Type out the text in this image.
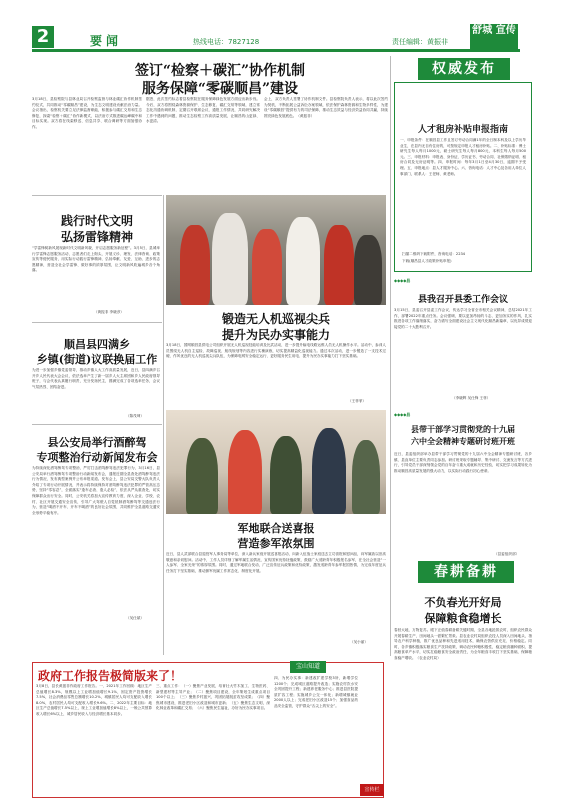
2	要闻	热线电话：7827128	责任编辑：黄振非
舒城 宣传
签订“检察＋碳汇”协作机制
服务保障“零碳顺昌”建设
3月18日，县检察院与县林业局召开检察监督与林业碳汇协作机制签约仪式，共同推动“零碳顺昌”建设，为生态文明建设贡献法治力量。会议指出，检察机关要立足法律监督职能，积极参与碳汇交易和生态修复，探索“检察＋碳汇”协作新模式，以法治方式推进碳达峰碳中和目标实现。双方将在线索移送、信息共享、联合调研等方面加强协作。
据悉，此次签约标志着县检察院在服务保障绿色发展方面迈出新步伐。今后，双方将围绕森林资源保护、生态修复、碳汇交易等领域，建立常态化沟通协调机制，定期召开联席会议，通报工作情况，共同研究解决工作中遇到的问题，推动生态检察工作高质量发展，让顺昌的山更绿、水更清。
会上，双方负责人签署了协作机制文件。县检察院负责人表示，将以此次签约为契机，不断拓展公益诉讼办案领域，依法保护森林资源和生物多样性，为建设“零碳顺昌”提供有力的司法保障，推动生态效益与经济效益协同共赢，持续擦亮绿色发展底色。（黄振非）
践行时代文明
弘扬雷锋精神
“学雷锋树新风展现新时代文明新风貌，开启志愿服务新征程”。3月5日，县城举行学雷锋志愿服务活动，志愿者们走上街头，开展义诊、理发、法律咨询、政策宣传等便民服务，用实际行动践行雷锋精神，弘扬奉献、友爱、互助、进步的志愿精神，营造全社会学雷锋、做好事的浓厚氛围，让文明新风吹遍城乡各个角落。
（黄振非 李晓彦）	锻造无人机巡视尖兵
提升为民办实事能力
3月18日，国网顺昌县供电公司组织开展无人机巡视技能培训及比武活动，进一步提升输电线路运维人员无人机操作水平。活动中，参训人员围绕无人机自主巡检、故障巡视、航线规划等内容进行实操演练，切实提高精益化巡视能力。通过本次活动，进一步锻造了一支技术过硬、作风优良的无人机巡视尖兵队伍，为保障电网安全稳定运行、更好服务民生用电、提升为民办实事能力打下坚实基础。
（王菲菲）
顺昌县四满乡
乡镇(街道)议联换届工作
为进一步加强乡镇党委领导，推动乡镇人大工作高质量发展，近日，县四满乡召开乡人民代表大会会议，依法选举产生了新一届乡人大主席团和乡人民政府领导班子，与会代表认真履行职责，充分发扬民主，圆满完成了各项选举任务，会议气氛热烈、团结奋进。
（陈茂坤）
县公安局举行酒醉驾
专项整治行动新闻发布会
为持续深化酒驾醉驾专项整治，严厉打击酒驾醉驾违法犯罪行为，3月16日，县公安局举行酒驾醉驾专项整治行动新闻发布会，通报近期全县查处酒驾醉驾违法行为情况，发布典型案例并公布举报渠道。发布会上，县公安局交警大队负责人介绍了专项行动开展情况，并表示将持续保持对酒驾醉驾违法犯罪的严管高压态势，坚持“零容忍”，全面落实“逢车必查、逢人必检”，依法从严从重查处，切实保障群众出行安全。同时，公安机关将加大宣传教育力度，深入企业、学校、农村、社区开展交通安全宣传，引导广大驾驶人自觉抵制酒驾醉驾等交通违法行为，营造“喝酒不开车、开车不喝酒”的良好社会氛围，共同维护全县道路交通安全形势平稳有序。
（吴仕斌）
军地联合送喜报
营造参军浓氛围
近日，县人武部联合县退役军人事务局等单位，深入新兵家庭开展送喜报活动，向新入伍战士家庭送去立功喜报和慰问品，向军属致以崇高敬意和亲切慰问。活动中，工作人员详细了解军属生活情况，宣传国家优待抚恤政策，鼓励广大适龄青年积极报名参军，在全社会营造“一人参军、全家光荣”的浓厚氛围。同时，通过军地联合发动，广泛宣传征兵政策和优待政策，激发适龄青年参军报国热情，为完成年度征兵任务打下坚实基础，推动拥军优属工作常态化、制度化开展。
（吴小丽）
权威发布
人才租房补贴申报指南
一、申报条件：在顺昌县工作且签订劳动合同满1年的全日制本科及以上学历毕业生，在县内无自有住房的，可按规定申报人才租房补贴。二、补贴标准：博士研究生每人每月1000元，硕士研究生每人每月800元，本科生每人每月500元。三、申报材料：申报表、身份证、学历证书、劳动合同、社保缴纳证明、租房合同及无房证明等。四、申报时间：每年3月1日至4月30日，逾期不予受理。五、申报地点：县人才服务中心。六、咨询电话：人才中心及各用人单位人事部门，联系人：王老师、黄老师。
扫描二维码下载附件，咨询电话：2234
下载(顺昌县人才政策补贴申报)
◆◆◆◆县
县我召开县委工作会议
3月15日，县委召开县委工作会议，传达学习全省全市相关会议精神，总结2021年工作，部署2022年重点任务。会议强调，要以更加昂扬的斗志、更加务实的作风，扎实推进各项工作落细落实，奋力谱写全面建设社会主义现代化顺昌新篇章，以优异成绩迎接党的二十大胜利召开。
（李晓辉 吴仕锋 王菲）
◆◆◆◆县
县带干部学习贯彻党的十九届
六中全会精神专题研讨班开班
近日，县委组织部举办县带干部学习贯彻党的十九届六中全会精神专题研讨班，各乡镇、县直单位主要负责同志参加。研讨班采取专题辅导、集中研讨、交流发言等方式进行，引导党员干部深刻领会党的百年奋斗重大成就和历史经验，切实把学习成果转化为推动顺昌高质量发展的强大动力，以实际行动践行初心使命。
（县委组织部）
春耕备耕
不负春光开好局
保障粮食稳增长
春回大地，万物复苏。眼下正值春耕备耕关键时期，全县各地抢抓农时，组织农民群众开展春耕生产，田间地头一派繁忙景象。县农业农村局组织农技人员深入田间地头，指导农户科学种植，推广优良品种和先进适用技术，确保农资供应充足、价格稳定。同时，各乡镇积极落实粮食生产扶持政策，调动农民种粮积极性，稳定粮食播种面积，提高粮食单产水平，切实扛稳粮食安全政治责任，为全年粮食丰收打下坚实基础，保障粮食稳产增收。（农业农村局）
政府工作报告极简版来了！
宝山知道
3月8日，县长黄振非作政府工作报告。一、2021年工作回顾：地区生产总值增长8.3%，规模以上工业增加值增长9.1%，固定资产投资增长7.5%，社会消费品零售总额增长10.2%，城镇居民人均可支配收入增长8.0%，农村居民人均可支配收入增长9.6%。二、2022年主要目标：地区生产总值增长7.5%以上，规上工业增加值增长8%以上，一般公共预算收入增长6%以上，城乡居民收入与经济增长基本同步。
三、重点工作：（一）聚焦产业发展，培育壮大竹木加工、生物医药、新型建材等主导产业；（二）聚焦项目建设，全年策划生成重点项目100个以上；（三）聚焦乡村振兴，巩固拓展脱贫攻坚成果；（四）聚焦城市建设，推进老旧小区改造和城市更新；（五）聚焦生态文明，深化林业改革和碳汇交易；（六）聚焦民生福祉，办好为民办实事项目。
四、为民办实事：新建改扩建学校3所，新增学位1200个；完成城区道路提升改造；实施农村饮水安全巩固提升工程；新建养老服务中心；推进县医院提质扩容工程；实施城乡公交一体化；新增城镇就业2000人以上；完成老旧小区改造15个；加强食品药品安全监管，守护群众“舌尖上的安全”。
宣传栏
